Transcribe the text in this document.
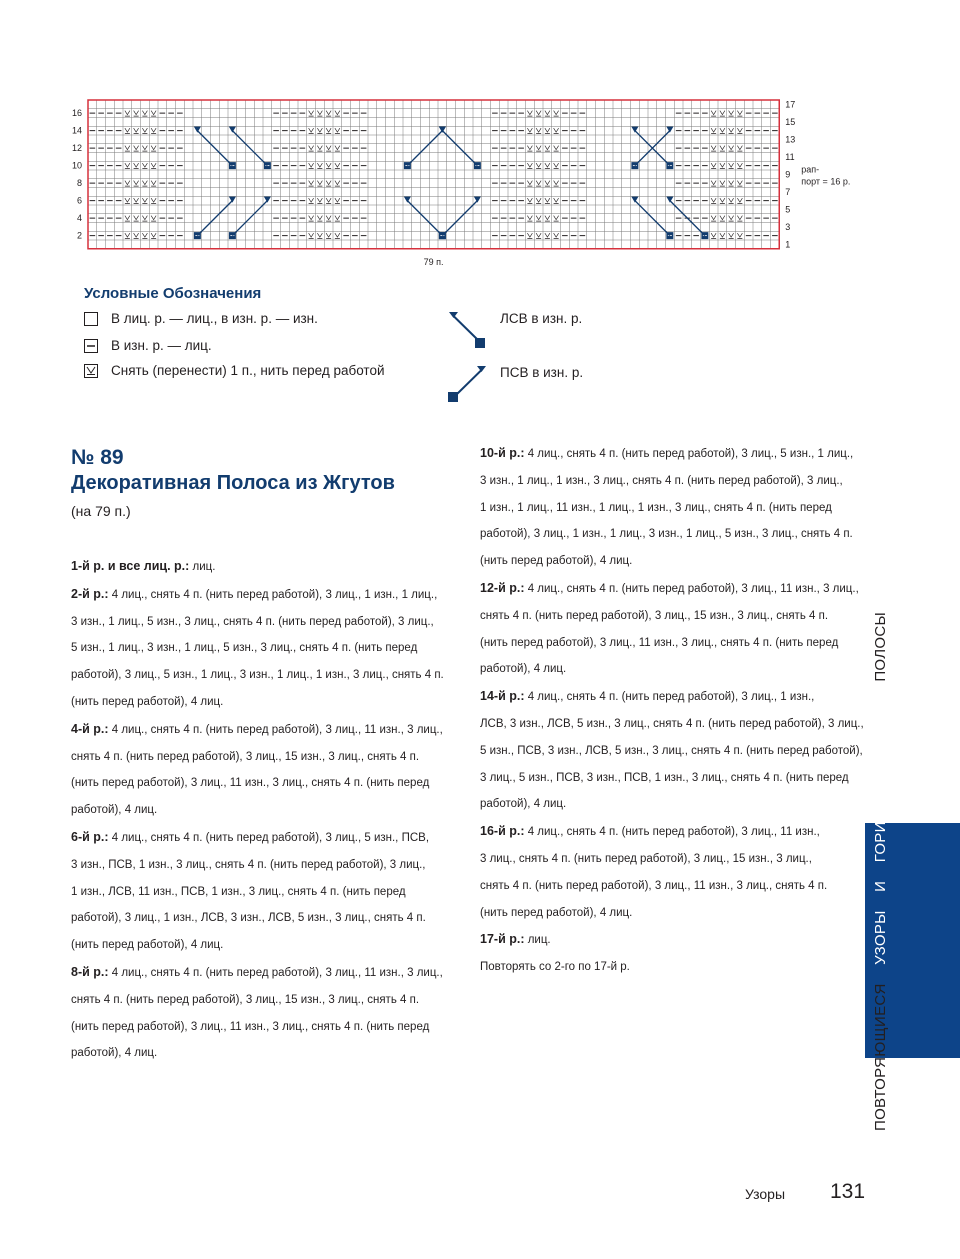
16
14
12
10
8
6
4
2
17
15
13
11
9
7
5
3
1
рап-
порт = 16 р.
79 п.
Условные Обозначения
В лиц. р. — лиц., в изн. р. — изн.
В изн. р. — лиц.
Снять (перенести) 1 п., нить перед работой
ЛСВ в изн. р.
ПСВ в изн. р.
№ 89
Декоративная Полоса из Жгутов
(на 79 п.)

1-й р. и все лиц. р.: лиц.

2-й р.: 4 лиц., снять 4 п. (нить перед работой), 3 лиц., 1 изн., 1 лиц.,

3 изн., 1 лиц., 5 изн., 3 лиц., снять 4 п. (нить перед работой), 3 лиц.,

5 изн., 1 лиц., 3 изн., 1 лиц., 5 изн., 3 лиц., снять 4 п. (нить перед

работой), 3 лиц., 5 изн., 1 лиц., 3 изн., 1 лиц., 1 изн., 3 лиц., снять 4 п.

(нить перед работой), 4 лиц.

4-й р.: 4 лиц., снять 4 п. (нить перед работой), 3 лиц., 11 изн., 3 лиц.,

снять 4 п. (нить перед работой), 3 лиц., 15 изн., 3 лиц., снять 4 п.

(нить перед работой), 3 лиц., 11 изн., 3 лиц., снять 4 п. (нить перед

работой), 4 лиц.

6-й р.: 4 лиц., снять 4 п. (нить перед работой), 3 лиц., 5 изн., ПСВ,

3 изн., ПСВ, 1 изн., 3 лиц., снять 4 п. (нить перед работой), 3 лиц.,

1 изн., ЛСВ, 11 изн., ПСВ, 1 изн., 3 лиц., снять 4 п. (нить перед

работой), 3 лиц., 1 изн., ЛСВ, 3 изн., ЛСВ, 5 изн., 3 лиц., снять 4 п.

(нить перед работой), 4 лиц.

8-й р.: 4 лиц., снять 4 п. (нить перед работой), 3 лиц., 11 изн., 3 лиц.,

снять 4 п. (нить перед работой), 3 лиц., 15 изн., 3 лиц., снять 4 п.

(нить перед работой), 3 лиц., 11 изн., 3 лиц., снять 4 п. (нить перед

работой), 4 лиц.

10-й р.: 4 лиц., снять 4 п. (нить перед работой), 3 лиц., 5 изн., 1 лиц.,

3 изн., 1 лиц., 1 изн., 3 лиц., снять 4 п. (нить перед работой), 3 лиц.,

1 изн., 1 лиц., 11 изн., 1 лиц., 1 изн., 3 лиц., снять 4 п. (нить перед

работой), 3 лиц., 1 изн., 1 лиц., 3 изн., 1 лиц., 5 изн., 3 лиц., снять 4 п.

(нить перед работой), 4 лиц.

12-й р.: 4 лиц., снять 4 п. (нить перед работой), 3 лиц., 11 изн., 3 лиц.,

снять 4 п. (нить перед работой), 3 лиц., 15 изн., 3 лиц., снять 4 п.

(нить перед работой), 3 лиц., 11 изн., 3 лиц., снять 4 п. (нить перед

работой), 4 лиц.

14-й р.: 4 лиц., снять 4 п. (нить перед работой), 3 лиц., 1 изн.,

ЛСВ, 3 изн., ЛСВ, 5 изн., 3 лиц., снять 4 п. (нить перед работой), 3 лиц.,

5 изн., ПСВ, 3 изн., ЛСВ, 5 изн., 3 лиц., снять 4 п. (нить перед работой),

3 лиц., 5 изн., ПСВ, 3 изн., ПСВ, 1 изн., 3 лиц., снять 4 п. (нить перед

работой), 4 лиц.

16-й р.: 4 лиц., снять 4 п. (нить перед работой), 3 лиц., 11 изн.,

3 лиц., снять 4 п. (нить перед работой), 3 лиц., 15 изн., 3 лиц.,

снять 4 п. (нить перед работой), 3 лиц., 11 изн., 3 лиц., снять 4 п.

(нить перед работой), 4 лиц.

17-й р.: лиц.

Повторять со 2-го по 17-й р.

ПОВТОРЯЮЩИЕСЯ УЗОРЫ И ГОРИЗОНТАЛЬНЫЕ ПОЛОСЫ
Узоры 131
